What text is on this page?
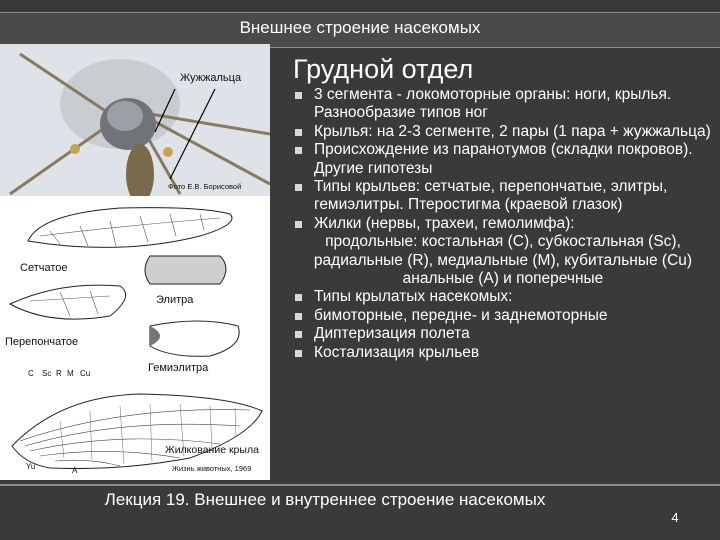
Внешнее строение насекомых
Жужжальца
Фото Е.В. Борисовой
Сетчатое
Элитра
Перепончатое
Гемиэлитра
С Sc R M Cu
Жилкование крыла
Yu	A	Жизнь животных, 1969
Грудной отдел
3 сегмента - локомоторные органы: ноги, крылья. Разнообразие типов ног
Крылья: на 2-3 сегменте, 2 пары (1 пара + жужжальца)
Происхождение из паранотумов (складки покровов). Другие гипотезы
Типы крыльев: сетчатые, перепончатые, элитры, гемиэлитры. Птеростигма (краевой глазок)
Жилки (нервы, трахеи, гемолимфа):
продольные: костальная (С), субкостальная (Sc), радиальные (R), медиальные (M), кубитальные (Cu) анальные (А) и поперечные
Типы крылатых насекомых:
бимоторные, передне- и заднемоторные
Диптеризация полета
Костализация крыльев
Лекция 19. Внешнее и внутреннее строение насекомых
4
